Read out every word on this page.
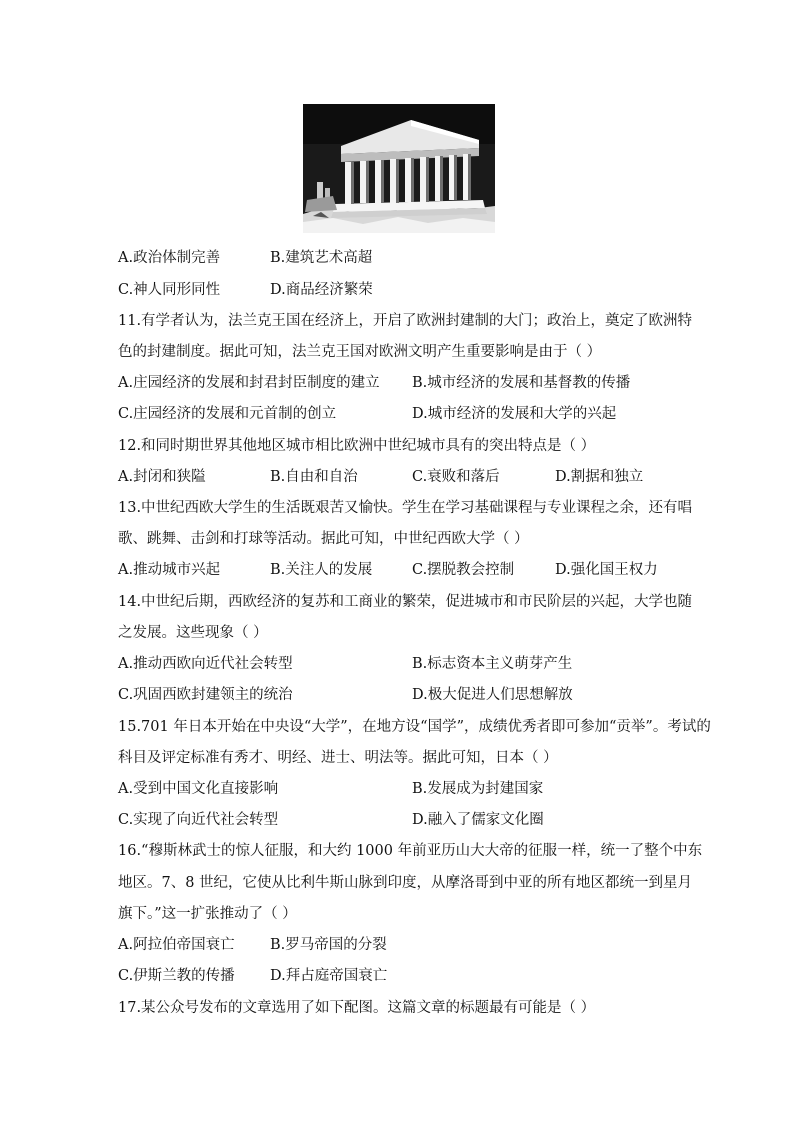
A.政治体制完善	B.建筑艺术高超
C.神人同形同性	D.商品经济繁荣
11.有学者认为，法兰克王国在经济上，开启了欧洲封建制的大门；政治上，奠定了欧洲特
色的封建制度。据此可知，法兰克王国对欧洲文明产生重要影响是由于（ ）
A.庄园经济的发展和封君封臣制度的建立 B.城市经济的发展和基督教的传播
C.庄园经济的发展和元首制的创立	D.城市经济的发展和大学的兴起
12.和同时期世界其他地区城市相比欧洲中世纪城市具有的突出特点是（ ）
A.封闭和狭隘	B.自由和自治	C.衰败和落后	D.割据和独立
13.中世纪西欧大学生的生活既艰苦又愉快。学生在学习基础课程与专业课程之余，还有唱
歌、跳舞、击剑和打球等活动。据此可知，中世纪西欧大学（ ）
A.推动城市兴起	B.关注人的发展	C.摆脱教会控制	D.强化国王权力
14.中世纪后期，西欧经济的复苏和工商业的繁荣，促进城市和市民阶层的兴起，大学也随
之发展。这些现象（ ）
A.推动西欧向近代社会转型	B.标志资本主义萌芽产生
C.巩固西欧封建领主的统治	D.极大促进人们思想解放
15.701 年日本开始在中央设“大学”，在地方设“国学”，成绩优秀者即可参加“贡举”。考试的
科目及评定标准有秀才、明经、进士、明法等。据此可知，日本（ ）
A.受到中国文化直接影响	B.发展成为封建国家
C.实现了向近代社会转型	D.融入了儒家文化圈
16.“穆斯林武士的惊人征服，和大约 1000 年前亚历山大大帝的征服一样，统一了整个中东
地区。7、8 世纪，它使从比利牛斯山脉到印度，从摩洛哥到中亚的所有地区都统一到星月
旗下。”这一扩张推动了（ ）
A.阿拉伯帝国衰亡 B.罗马帝国的分裂
C.伊斯兰教的传播 D.拜占庭帝国衰亡
17.某公众号发布的文章选用了如下配图。这篇文章的标题最有可能是（ ）
